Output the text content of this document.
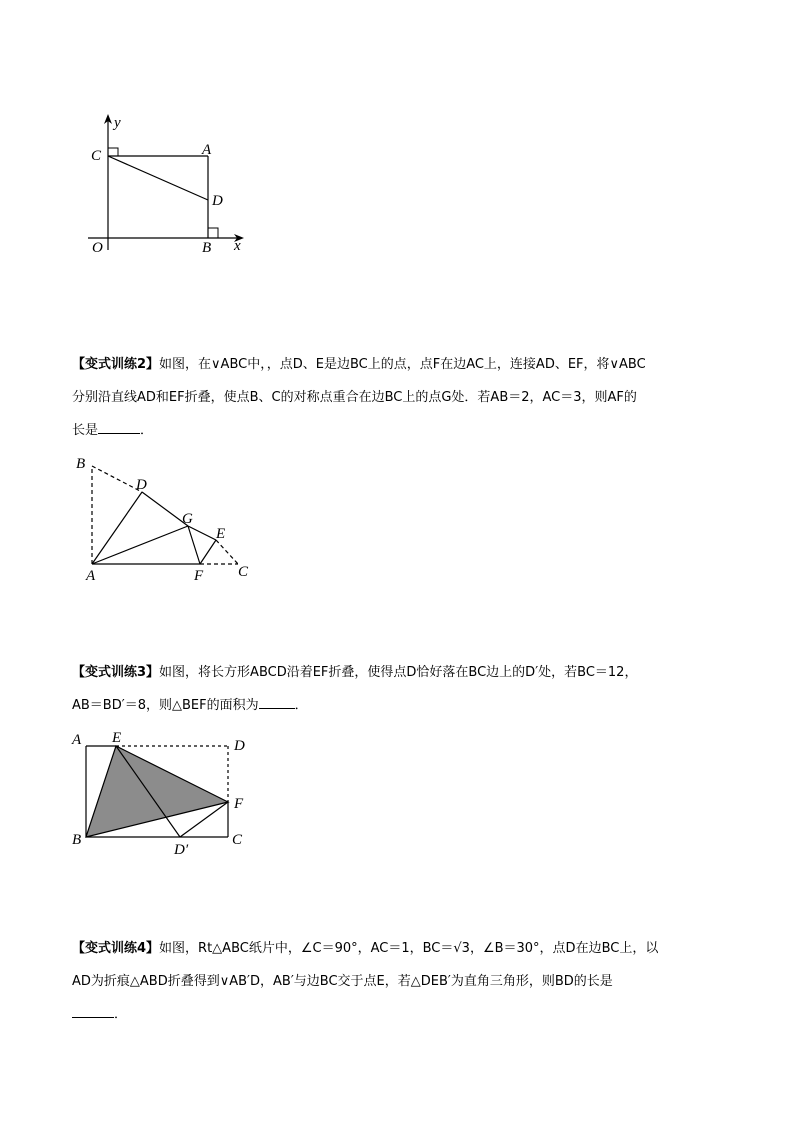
y
C	A
D
O	B x
【变式训练2】如图，在∨ABC中，，点D、E是边BC上的点，点F在边AC上，连接AD、EF，将∨ABC
分别沿直线AD和EF折叠，使点B、C的对称点重合在边BC上的点G处．若AB＝2，AC＝3，则AF的
长是	．
B
D
G
E
A	F C
【变式训练3】如图，将长方形ABCD沿着EF折叠，使得点D恰好落在BC边上的D′处，若BC＝12，
AB＝BD′＝8，则△BEF的面积为	．
A E	D
F
B
D′
C
【变式训练4】如图，Rt△ABC纸片中，∠C＝90°，AC＝1，BC＝√3，∠B＝30°，点D在边BC上，以
AD为折痕△ABD折叠得到∨AB′D，AB′与边BC交于点E，若△DEB′为直角三角形，则BD的长是
．
